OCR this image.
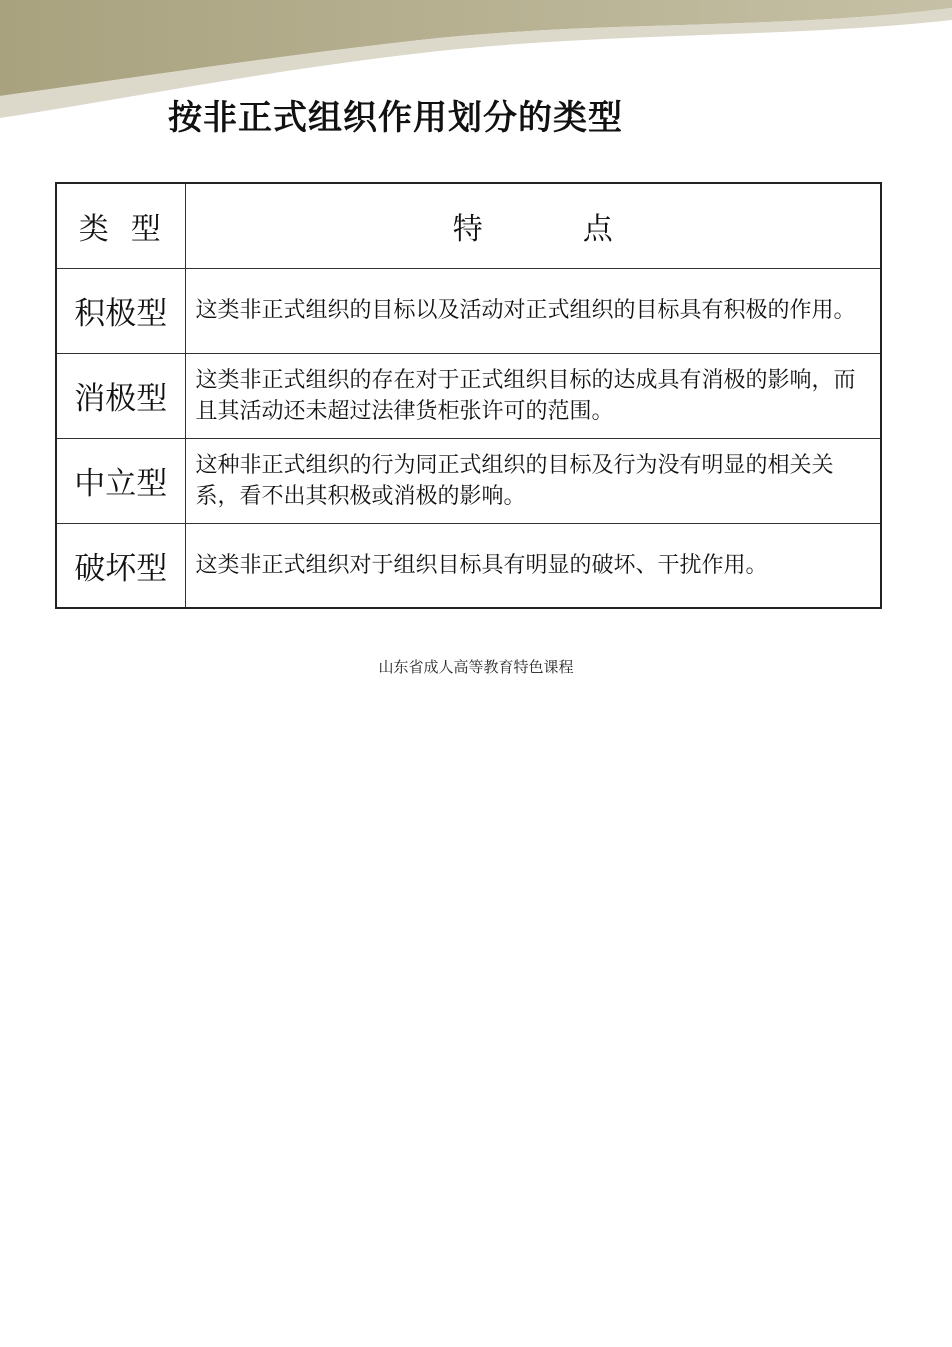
按非正式组织作用划分的类型
类型	特点
积极型	这类非正式组织的目标以及活动对正式组织的目标具有积极的作用。
消极型	这类非正式组织的存在对于正式组织目标的达成具有消极的影响，而且其活动还未超过法律货柜张许可的范围。
中立型	这种非正式组织的行为同正式组织的目标及行为没有明显的相关关系，看不出其积极或消极的影响。
破坏型	这类非正式组织对于组织目标具有明显的破坏、干扰作用。
山东省成人高等教育特色课程
